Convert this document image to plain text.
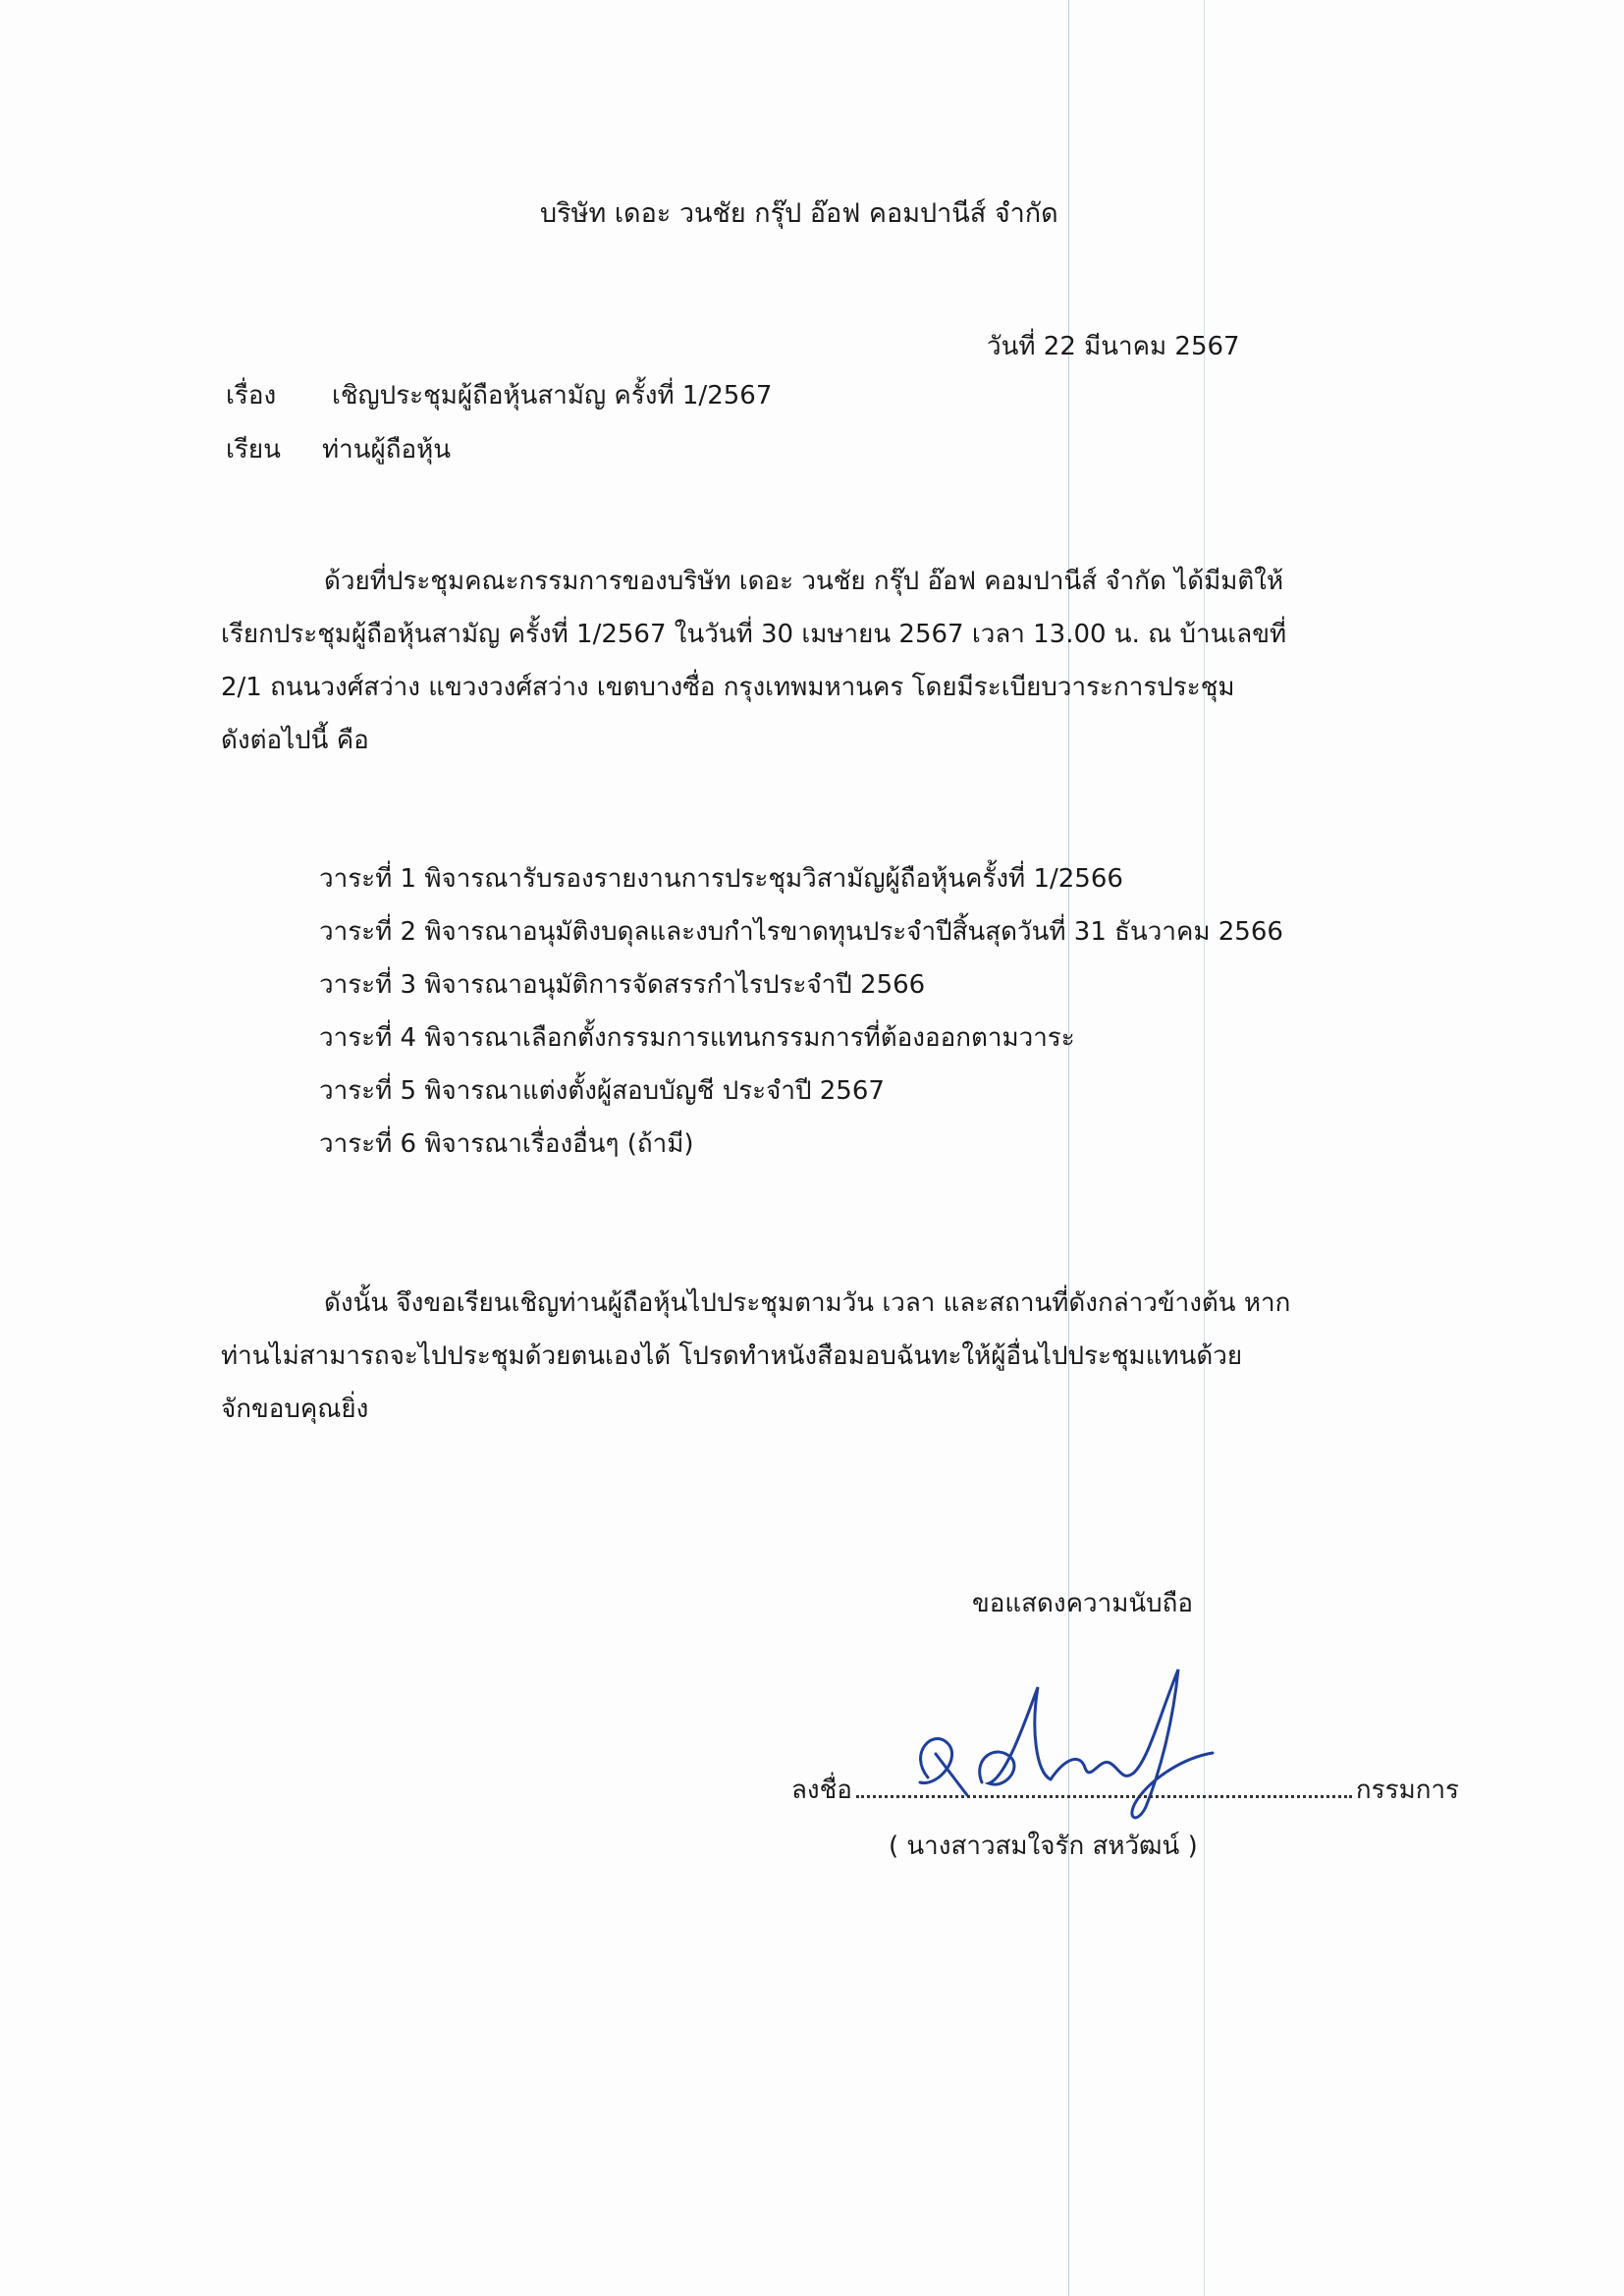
บริษัท เดอะ วนชัย กรุ๊ป อ๊อฟ คอมปานีส์ จำกัด
วันที่ 22 มีนาคม 2567
เรื่อง เชิญประชุมผู้ถือหุ้นสามัญ ครั้งที่ 1/2567
เรียน ท่านผู้ถือหุ้น
ด้วยที่ประชุมคณะกรรมการของบริษัท เดอะ วนชัย กรุ๊ป อ๊อฟ คอมปานีส์ จำกัด ได้มีมติให้
เรียกประชุมผู้ถือหุ้นสามัญ ครั้งที่ 1/2567 ในวันที่ 30 เมษายน 2567 เวลา 13.00 น. ณ บ้านเลขที่
2/1 ถนนวงศ์สว่าง แขวงวงศ์สว่าง เขตบางซื่อ กรุงเทพมหานคร โดยมีระเบียบวาระการประชุม
ดังต่อไปนี้ คือ
วาระที่ 1 พิจารณารับรองรายงานการประชุมวิสามัญผู้ถือหุ้นครั้งที่ 1/2566
วาระที่ 2 พิจารณาอนุมัติงบดุลและงบกำไรขาดทุนประจำปีสิ้นสุดวันที่ 31 ธันวาคม 2566
วาระที่ 3 พิจารณาอนุมัติการจัดสรรกำไรประจำปี 2566
วาระที่ 4 พิจารณาเลือกตั้งกรรมการแทนกรรมการที่ต้องออกตามวาระ
วาระที่ 5 พิจารณาแต่งตั้งผู้สอบบัญชี ประจำปี 2567
วาระที่ 6 พิจารณาเรื่องอื่นๆ (ถ้ามี)
ดังนั้น จึงขอเรียนเชิญท่านผู้ถือหุ้นไปประชุมตามวัน เวลา และสถานที่ดังกล่าวข้างต้น หาก
ท่านไม่สามารถจะไปประชุมด้วยตนเองได้ โปรดทำหนังสือมอบฉันทะให้ผู้อื่นไปประชุมแทนด้วย
จักขอบคุณยิ่ง
ขอแสดงความนับถือ
ลงชื่อ	กรรมการ
( นางสาวสมใจรัก สหวัฒน์ )
